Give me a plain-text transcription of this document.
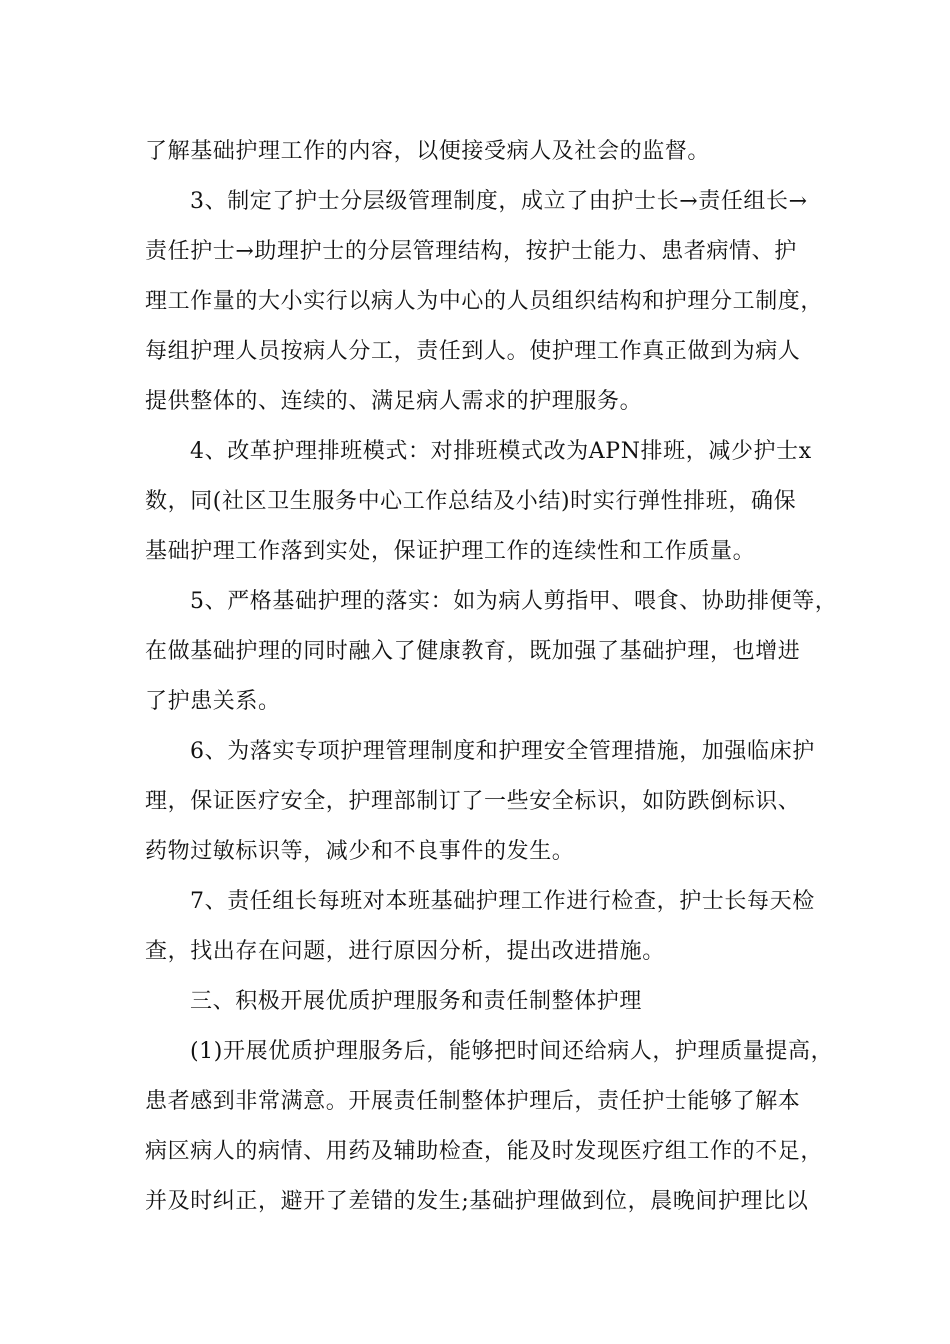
了解基础护理工作的内容，以便接受病人及社会的监督。
3、制定了护士分层级管理制度，成立了由护士长→责任组长→
责任护士→助理护士的分层管理结构，按护士能力、患者病情、护
理工作量的大小实行以病人为中心的人员组织结构和护理分工制度，
每组护理人员按病人分工，责任到人。使护理工作真正做到为病人
提供整体的、连续的、满足病人需求的护理服务。
4、改革护理排班模式：对排班模式改为APN排班，减少护士x
数，同(社区卫生服务中心工作总结及小结)时实行弹性排班，确保
基础护理工作落到实处，保证护理工作的连续性和工作质量。
5、严格基础护理的落实：如为病人剪指甲、喂食、协助排便等，
在做基础护理的同时融入了健康教育，既加强了基础护理，也增进
了护患关系。
6、为落实专项护理管理制度和护理安全管理措施，加强临床护
理，保证医疗安全，护理部制订了一些安全标识，如防跌倒标识、
药物过敏标识等，减少和不良事件的发生。
7、责任组长每班对本班基础护理工作进行检查，护士长每天检
查，找出存在问题，进行原因分析，提出改进措施。
三、积极开展优质护理服务和责任制整体护理
(1)开展优质护理服务后，能够把时间还给病人，护理质量提高，
患者感到非常满意。开展责任制整体护理后，责任护士能够了解本
病区病人的病情、用药及辅助检查，能及时发现医疗组工作的不足，
并及时纠正，避开了差错的发生;基础护理做到位，晨晚间护理比以
